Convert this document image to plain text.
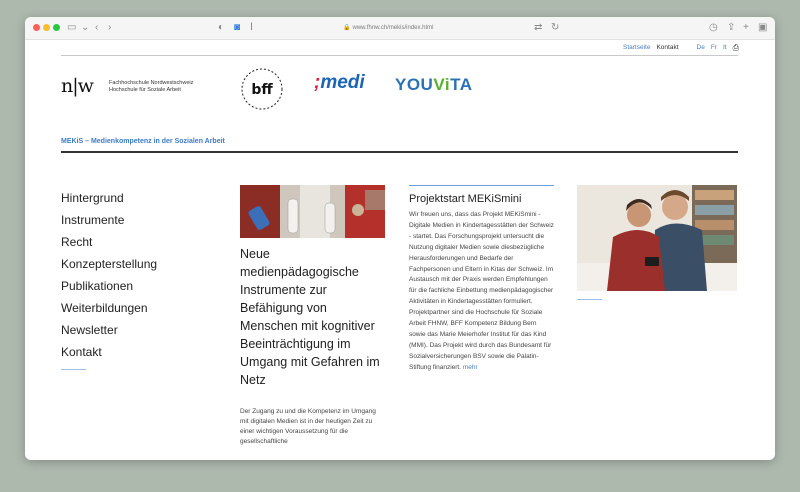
▭ ⌄ ‹ ›	◐ ◙ Ⅰ	🔒 www.fhnw.ch/mekis/index.html	⇄ ↻	◷ ⇪ + ▣
Startseite Kontakt	De Fr It ⎙
n|w	Fachhochschule Nordwestschweiz
Hochschule für Soziale Arbeit	bff ;medi YOUViTA
MEKiS – Medienkompetenz in der Sozialen Arbeit
Hintergrund
Instrumente
Recht
Konzepterstellung
Publikationen
Weiterbildungen
Newsletter
Kontakt
Neue medienpädagogische Instrumente zur Befähigung von Menschen mit kognitiver Beeinträchtigung im Umgang mit Gefahren im Netz
Der Zugang zu und die Kompetenz im Umgang mit digitalen Medien ist in der heutigen Zeit zu einer wichtigen Voraussetzung für die gesellschaftliche
Projektstart MEKiSmini

Wir freuen uns, dass das Projekt MEKiSmini - Digitale Medien in Kindertagesstätten der Schweiz - startet. Das Forschungsprojekt untersucht die Nutzung digitaler Medien sowie diesbezügliche Herausforderungen und Bedarfe der Fachpersonen und Eltern in Kitas der Schweiz. Im Austausch mit der Praxis werden Empfehlungen für die fachliche Einbettung medienpädagogischer Aktivitäten in Kindertagesstätten formuliert. Projektpartner sind die Hochschule für Soziale Arbeit FHNW, BFF Kompetenz Bildung Bern sowie das Marie Meierhofer Institut für das Kind (MMI). Das Projekt wird durch das Bundesamt für Sozialversicherungen BSV sowie die Palatin-Stiftung finanziert. mehr
